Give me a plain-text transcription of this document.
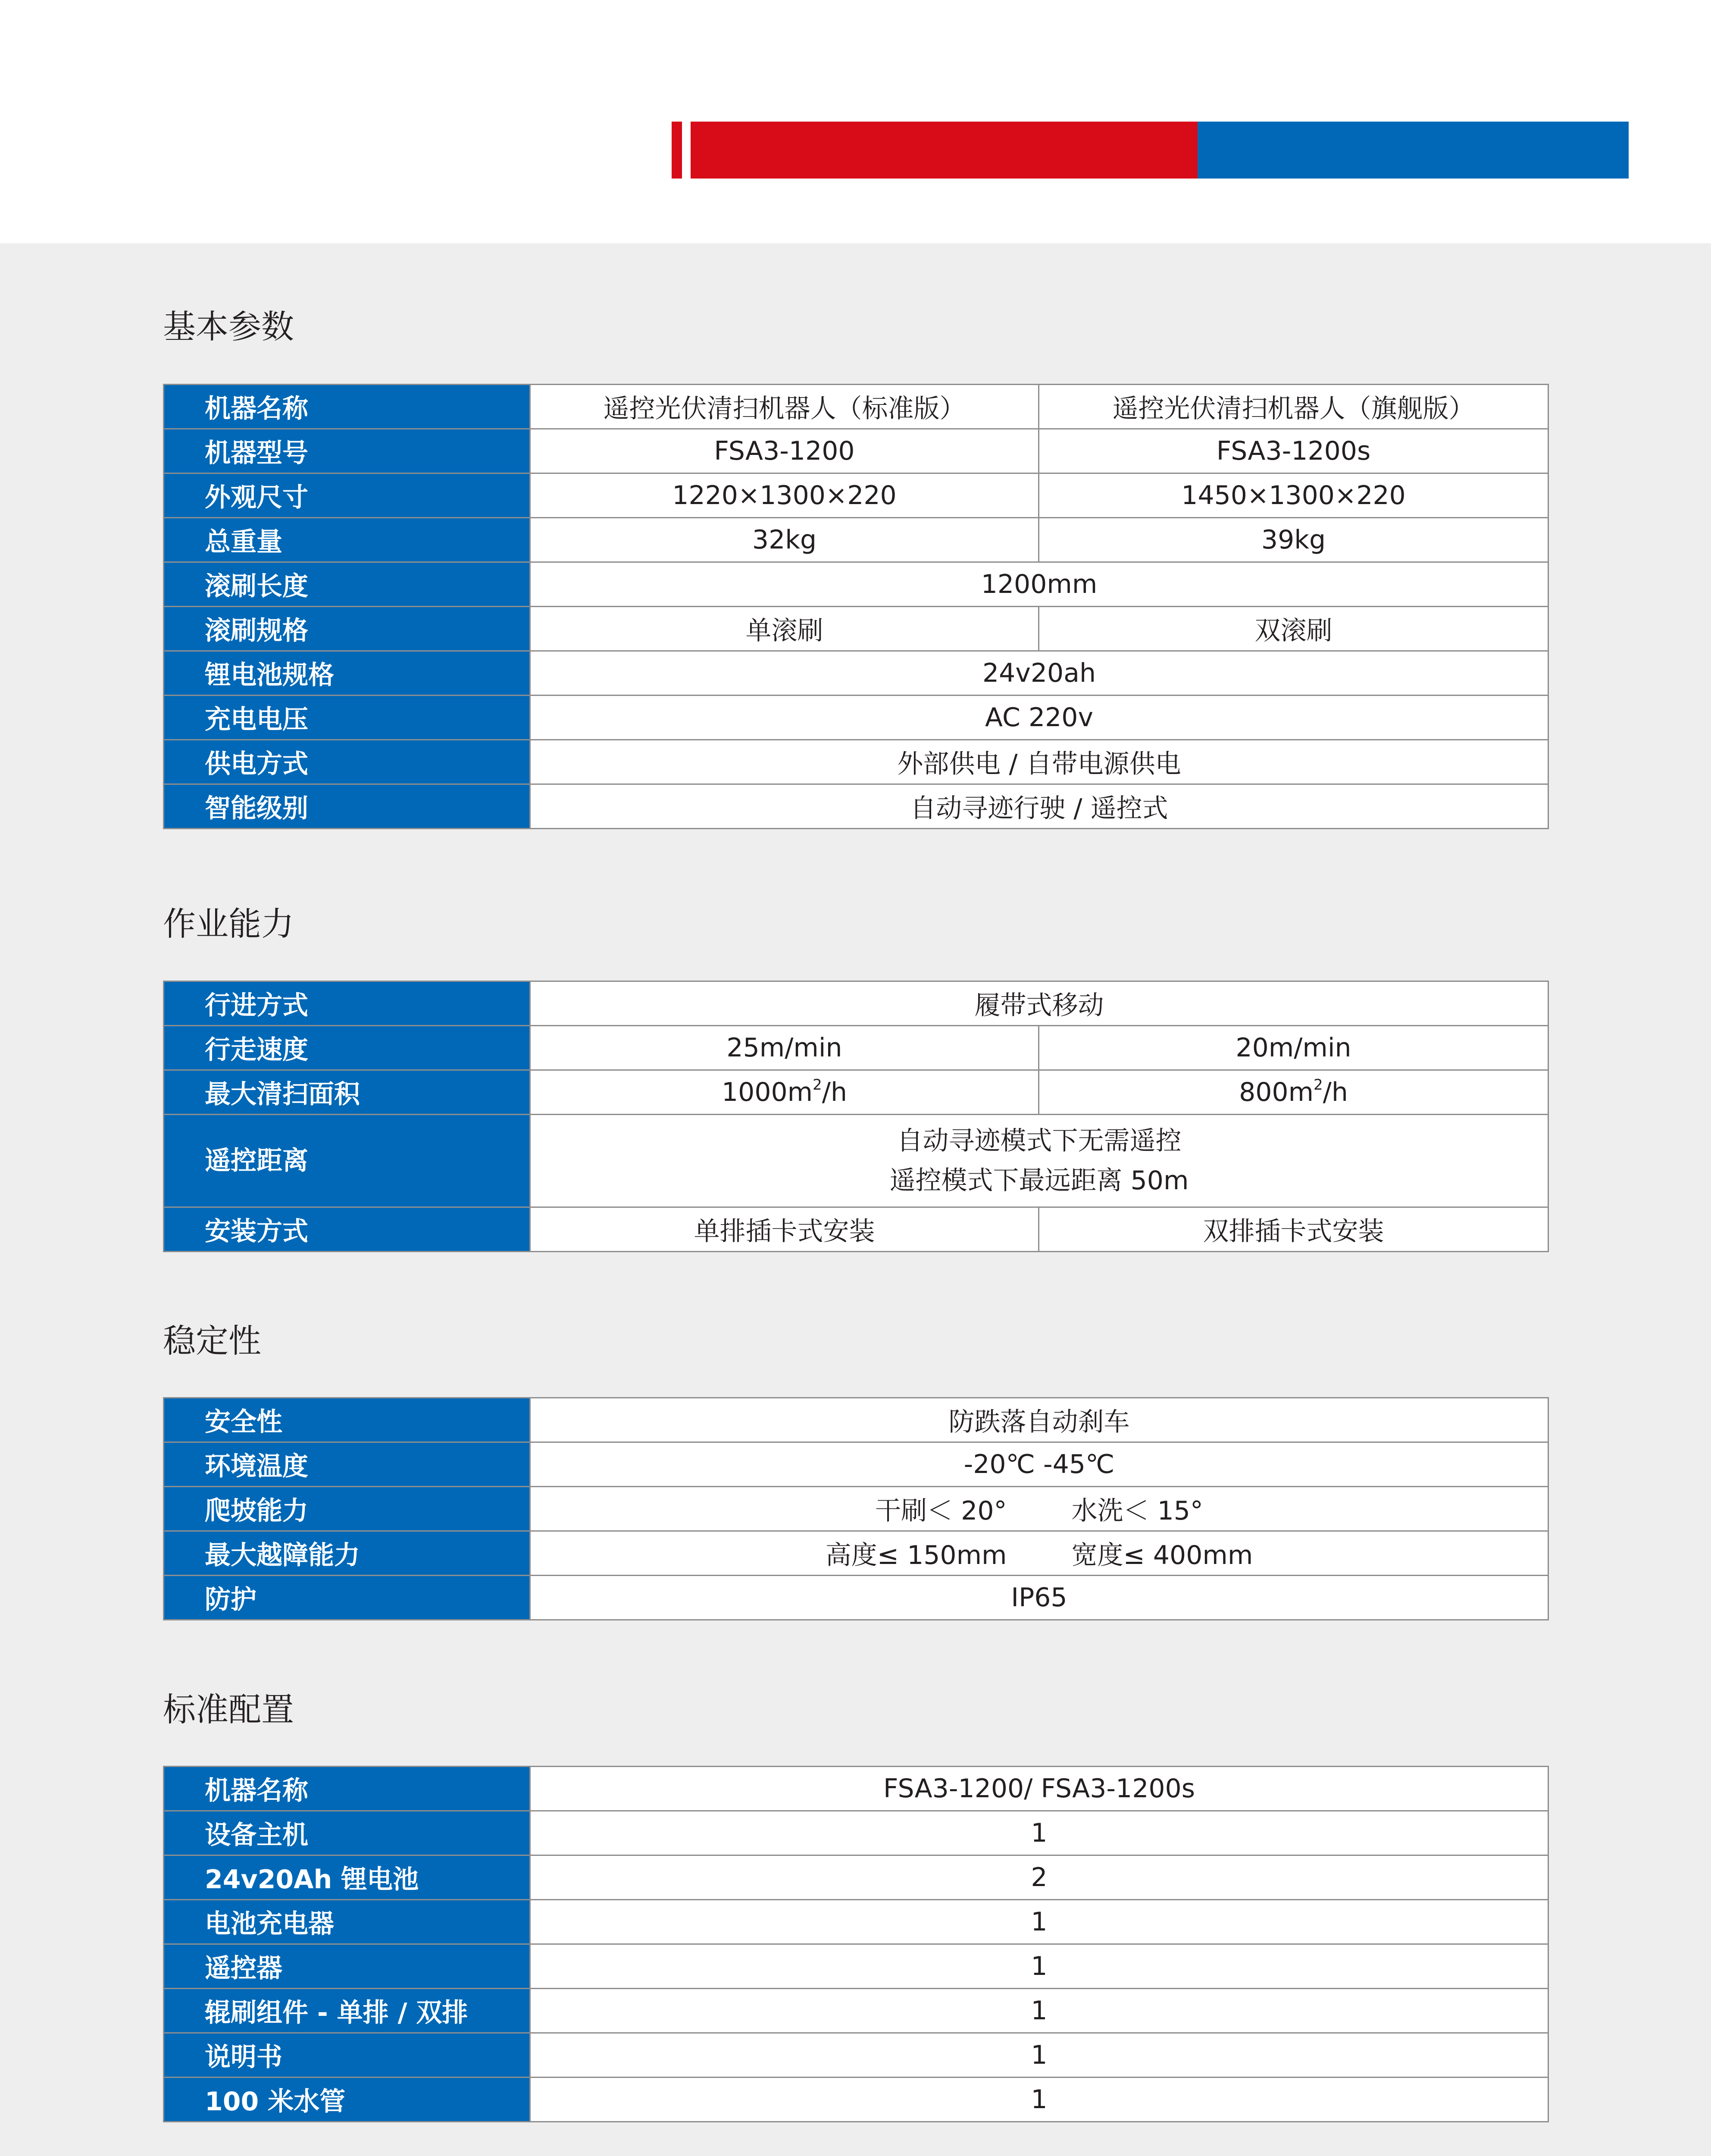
基本参数
机器名称	遥控光伏清扫机器人（标准版）	遥控光伏清扫机器人（旗舰版）
机器型号	FSA3-1200	FSA3-1200s
外观尺寸	1220×1300×220	1450×1300×220
总重量	32kg	39kg
滚刷长度	1200mm	
滚刷规格	单滚刷	双滚刷
锂电池规格	24v20ah	
充电电压	AC 220v	
供电方式	外部供电 / 自带电源供电	
智能级别	自动寻迹行驶 / 遥控式	
作业能力
行进方式	履带式移动	
行走速度	25m/min	20m/min
最大清扫面积	$1000m^2/h$	$800m^2/h$
遥控距离	自动寻迹模式下无需遥控
遥控模式下最远距离 50m	

安装方式	单排插卡式安装	双排插卡式安装
稳定性
安全性	防跌落自动刹车
环境温度	-20℃ -45℃
爬坡能力	干刷＜ 20° 水洗＜ 15°
最大越障能力	高度≤ 150mm 宽度≤ 400mm
防护	IP65
标准配置
机器名称	FSA3-1200/ FSA3-1200s
设备主机	1
24v20Ah 锂电池	2
电池充电器	1
遥控器	1
辊刷组件 - 单排 / 双排	1
说明书	1
100 米水管	1
